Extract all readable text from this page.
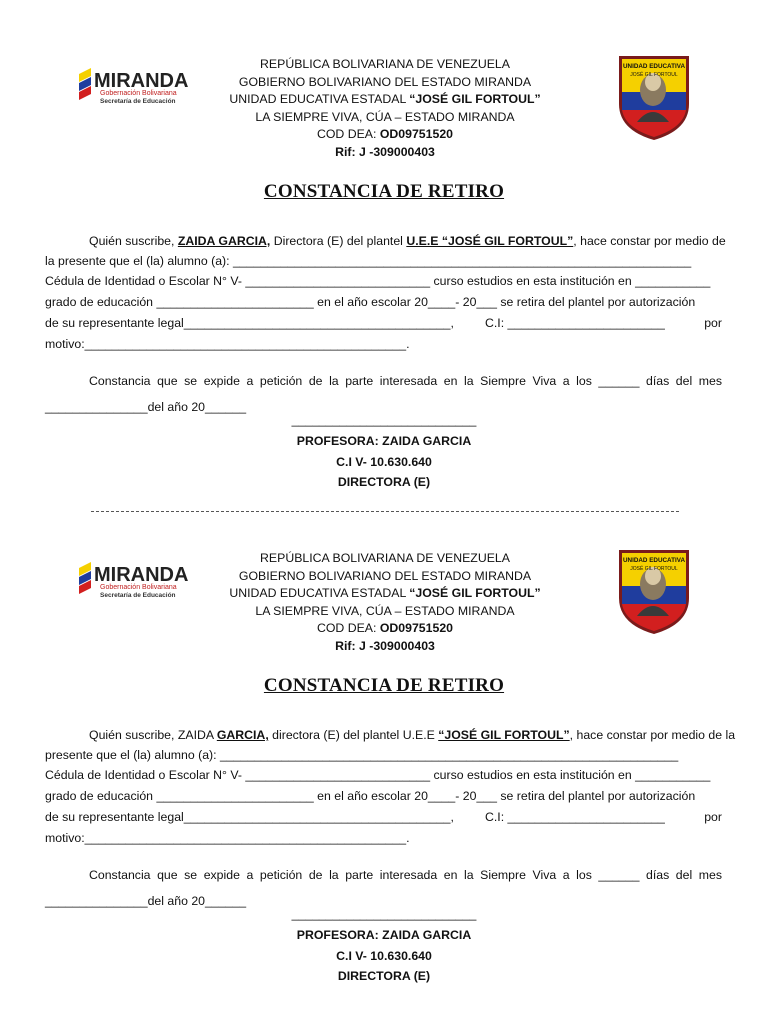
MIRANDA
Gobernación Bolivariana
Secretaría de Educación
REPÚBLICA BOLIVARIANA DE VENEZUELA
GOBIERNO BOLIVARIANO DEL ESTADO MIRANDA
UNIDAD EDUCATIVA ESTADAL “JOSÉ GIL FORTOUL”
LA SIEMPRE VIVA, CÚA – ESTADO MIRANDA
COD DEA: OD09751520
Rif: J -309000403
UNIDAD EDUCATIVA
JOSÉ GIL FORTOUL
CONSTANCIA DE RETIRO
Quién suscribe, ZAIDA GARCIA, Directora (E) del plantel U.E.E “JOSÉ GIL FORTOUL”, hace constar por medio de
la presente que el (la) alumno (a): ___________________________________________________________________
Cédula de Identidad o Escolar N° V- ___________________________ curso estudios en esta institución en ___________
grado de educación _______________________ en el año escolar 20____- 20___ se retira del plantel por autorización
de su representante legal_______________________________________,	C.I: _______________________	por
motivo:_______________________________________________.
Constancia que se expide a petición de la parte interesada en la Siempre Viva a los ______ días del mes
_______________del año 20______
___________________________
PROFESORA: ZAIDA GARCIA
C.I V- 10.630.640
DIRECTORA (E)
MIRANDA
Gobernación Bolivariana
Secretaría de Educación
REPÚBLICA BOLIVARIANA DE VENEZUELA
GOBIERNO BOLIVARIANO DEL ESTADO MIRANDA
UNIDAD EDUCATIVA ESTADAL “JOSÉ GIL FORTOUL”
LA SIEMPRE VIVA, CÚA – ESTADO MIRANDA
COD DEA: OD09751520
Rif: J -309000403
UNIDAD EDUCATIVA
JOSÉ GIL FORTOUL
CONSTANCIA DE RETIRO
Quién suscribe, ZAIDA GARCIA, directora (E) del plantel U.E.E “JOSÉ GIL FORTOUL”, hace constar por medio de la
presente que el (la) alumno (a): ___________________________________________________________________
Cédula de Identidad o Escolar N° V- ___________________________ curso estudios en esta institución en ___________
grado de educación _______________________ en el año escolar 20____- 20___ se retira del plantel por autorización
de su representante legal_______________________________________,	C.I: _______________________	por
motivo:_______________________________________________.
Constancia que se expide a petición de la parte interesada en la Siempre Viva a los ______ días del mes
_______________del año 20______
___________________________
PROFESORA: ZAIDA GARCIA
C.I V- 10.630.640
DIRECTORA (E)
